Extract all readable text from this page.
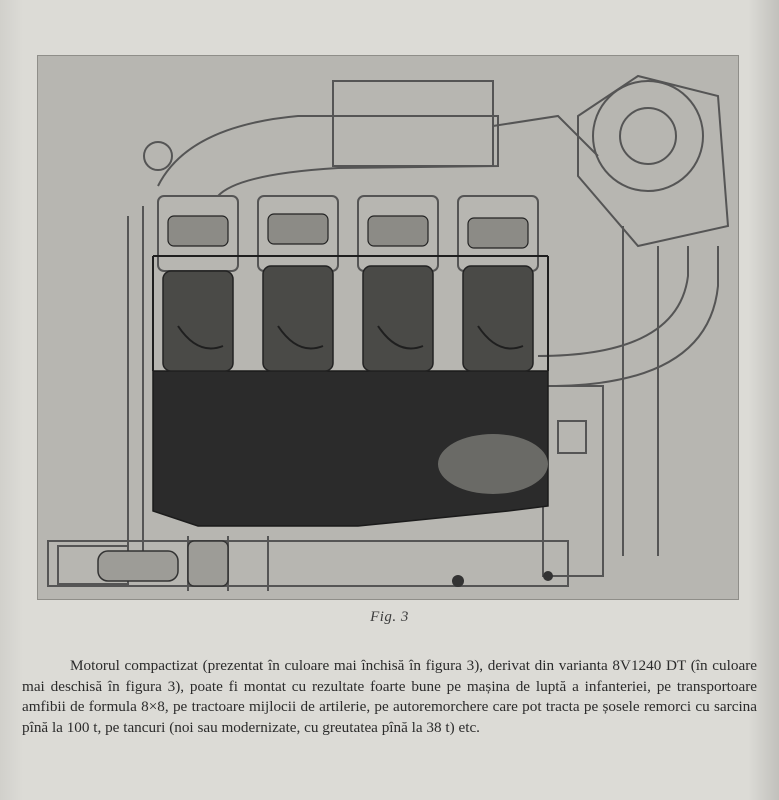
Fig. 3

Motorul compactizat (prezentat în culoare mai închisă în figura 3), derivat din varianta 8V1240 DT (în culoare mai deschisă în figura 3), poate fi montat cu rezultate foarte bune pe mașina de luptă a infanteriei, pe transportoare amfibii de formula 8×8, pe tractoare mijlocii de artilerie, pe autoremorchere care pot tracta pe șosele remorci cu sarcina pînă la 100 t, pe tancuri (noi sau modernizate, cu greutatea pînă la 38 t) etc.
